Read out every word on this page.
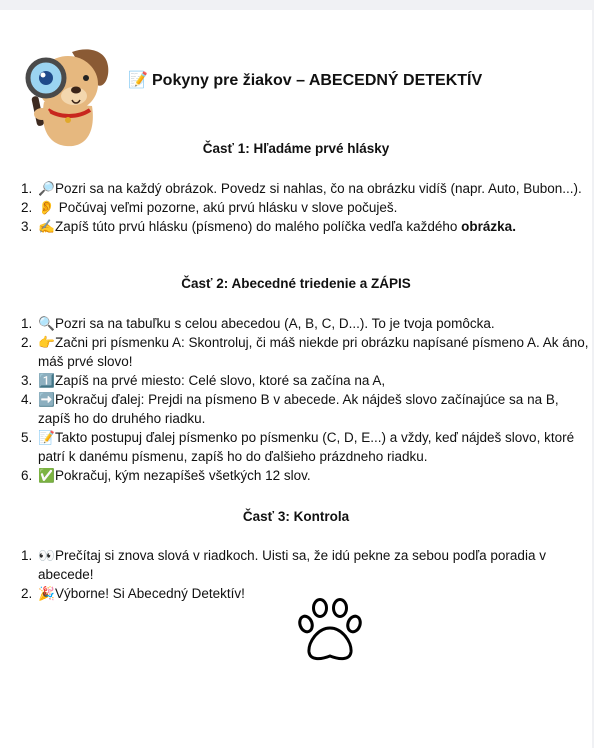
📝 Pokyny pre žiakov – ABECEDNÝ DETEKTÍV
Časť 1: Hľadáme prvé hlásky
1. 🔎Pozri sa na každý obrázok. Povedz si nahlas, čo na obrázku vidíš (napr. Auto, Bubon...).
2. 👂 Počúvaj veľmi pozorne, akú prvú hlásku v slove počuješ.
3. ✍️Zapíš túto prvú hlásku (písmeno) do malého políčka vedľa každého obrázka.
Časť 2: Abecedné triedenie a ZÁPIS
1. 🔍Pozri sa na tabuľku s celou abecedou (A, B, C, D...). To je tvoja pomôcka.
2. 👉Začni pri písmenku A: Skontroluj, či máš niekde pri obrázku napísané písmeno A. Ak áno, máš prvé slovo!
3. 1️⃣Zapíš na prvé miesto: Celé slovo, ktoré sa začína na A,
4. ➡️Pokračuj ďalej: Prejdi na písmeno B v abecede. Ak nájdeš slovo začínajúce sa na B, zapíš ho do druhého riadku.
5. 📝Takto postupuj ďalej písmenko po písmenku (C, D, E...) a vždy, keď nájdeš slovo, ktoré patrí k danému písmenu, zapíš ho do ďalšieho prázdneho riadku.
6. ✅Pokračuj, kým nezapíšeš všetkých 12 slov.
Časť 3: Kontrola
1. 👀Prečítaj si znova slová v riadkoch. Uisti sa, že idú pekne za sebou podľa poradia v abecede!
2. 🎉Výborne! Si Abecedný Detektív!
